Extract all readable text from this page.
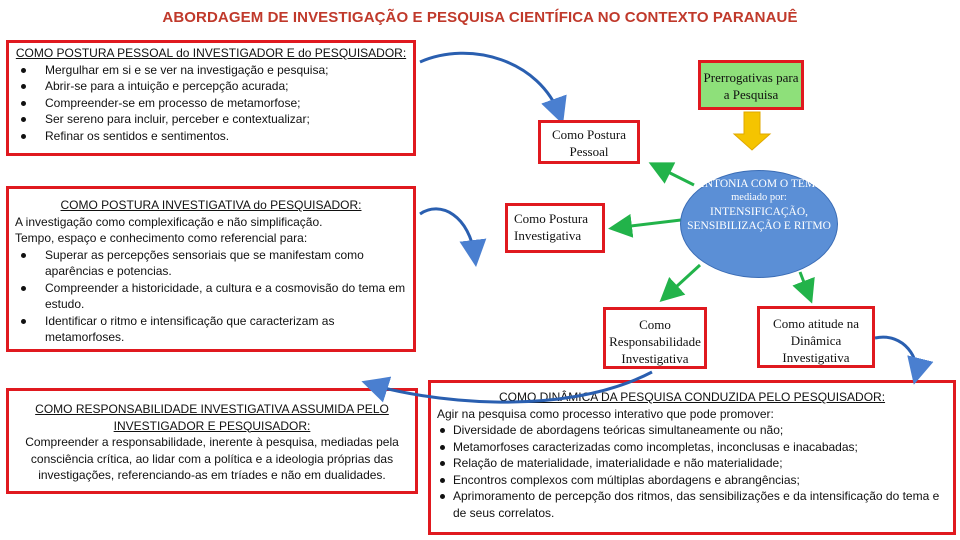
ABORDAGEM DE INVESTIGAÇÃO E PESQUISA CIENTÍFICA NO CONTEXTO PARANAUÊ
COMO POSTURA PESSOAL do INVESTIGADOR E do PESQUISADOR:
Mergulhar em si e se ver na investigação e pesquisa;
Abrir-se para a intuição e percepção acurada;
Compreender-se em processo de metamorfose;
Ser sereno para incluir, perceber e contextualizar;
Refinar os sentidos e sentimentos.
COMO POSTURA INVESTIGATIVA do PESQUISADOR:
A investigação como complexificação e não simplificação.
Tempo, espaço e conhecimento como referencial para:
Superar as percepções sensoriais que se manifestam como aparências e potencias.
Compreender a historicidade, a cultura e a cosmovisão do tema em estudo.
Identificar o ritmo e intensificação que caracterizam as metamorfoses.
COMO RESPONSABILIDADE INVESTIGATIVA ASSUMIDA PELO INVESTIGADOR E PESQUISADOR:
Compreender a responsabilidade, inerente à pesquisa, mediadas pela consciência crítica, ao lidar com a política e a ideologia próprias das investigações, referenciando-as em tríades e não em dualidades.
COMO DINÂMICA DA PESQUISA CONDUZIDA PELO PESQUISADOR:
Agir na pesquisa como processo interativo que pode promover:
Diversidade de abordagens teóricas simultaneamente ou não;
Metamorfoses caracterizadas como incompletas, inconclusas e inacabadas;
Relação de materialidade, imaterialidade e não materialidade;
Encontros complexos com múltiplas abordagens e abrangências;
Aprimoramento de percepção dos ritmos, das sensibilizações e da intensificação do tema e de seus correlatos.
Prerrogativas para a Pesquisa
Como Postura Pessoal
Como Postura Investigativa
Como Responsabilidade Investigativa
Como atitude na Dinâmica Investigativa
SINTONIA COM O TEMA
mediado por:
INTENSIFICAÇÃO, SENSIBILIZAÇÃO E RITMO
